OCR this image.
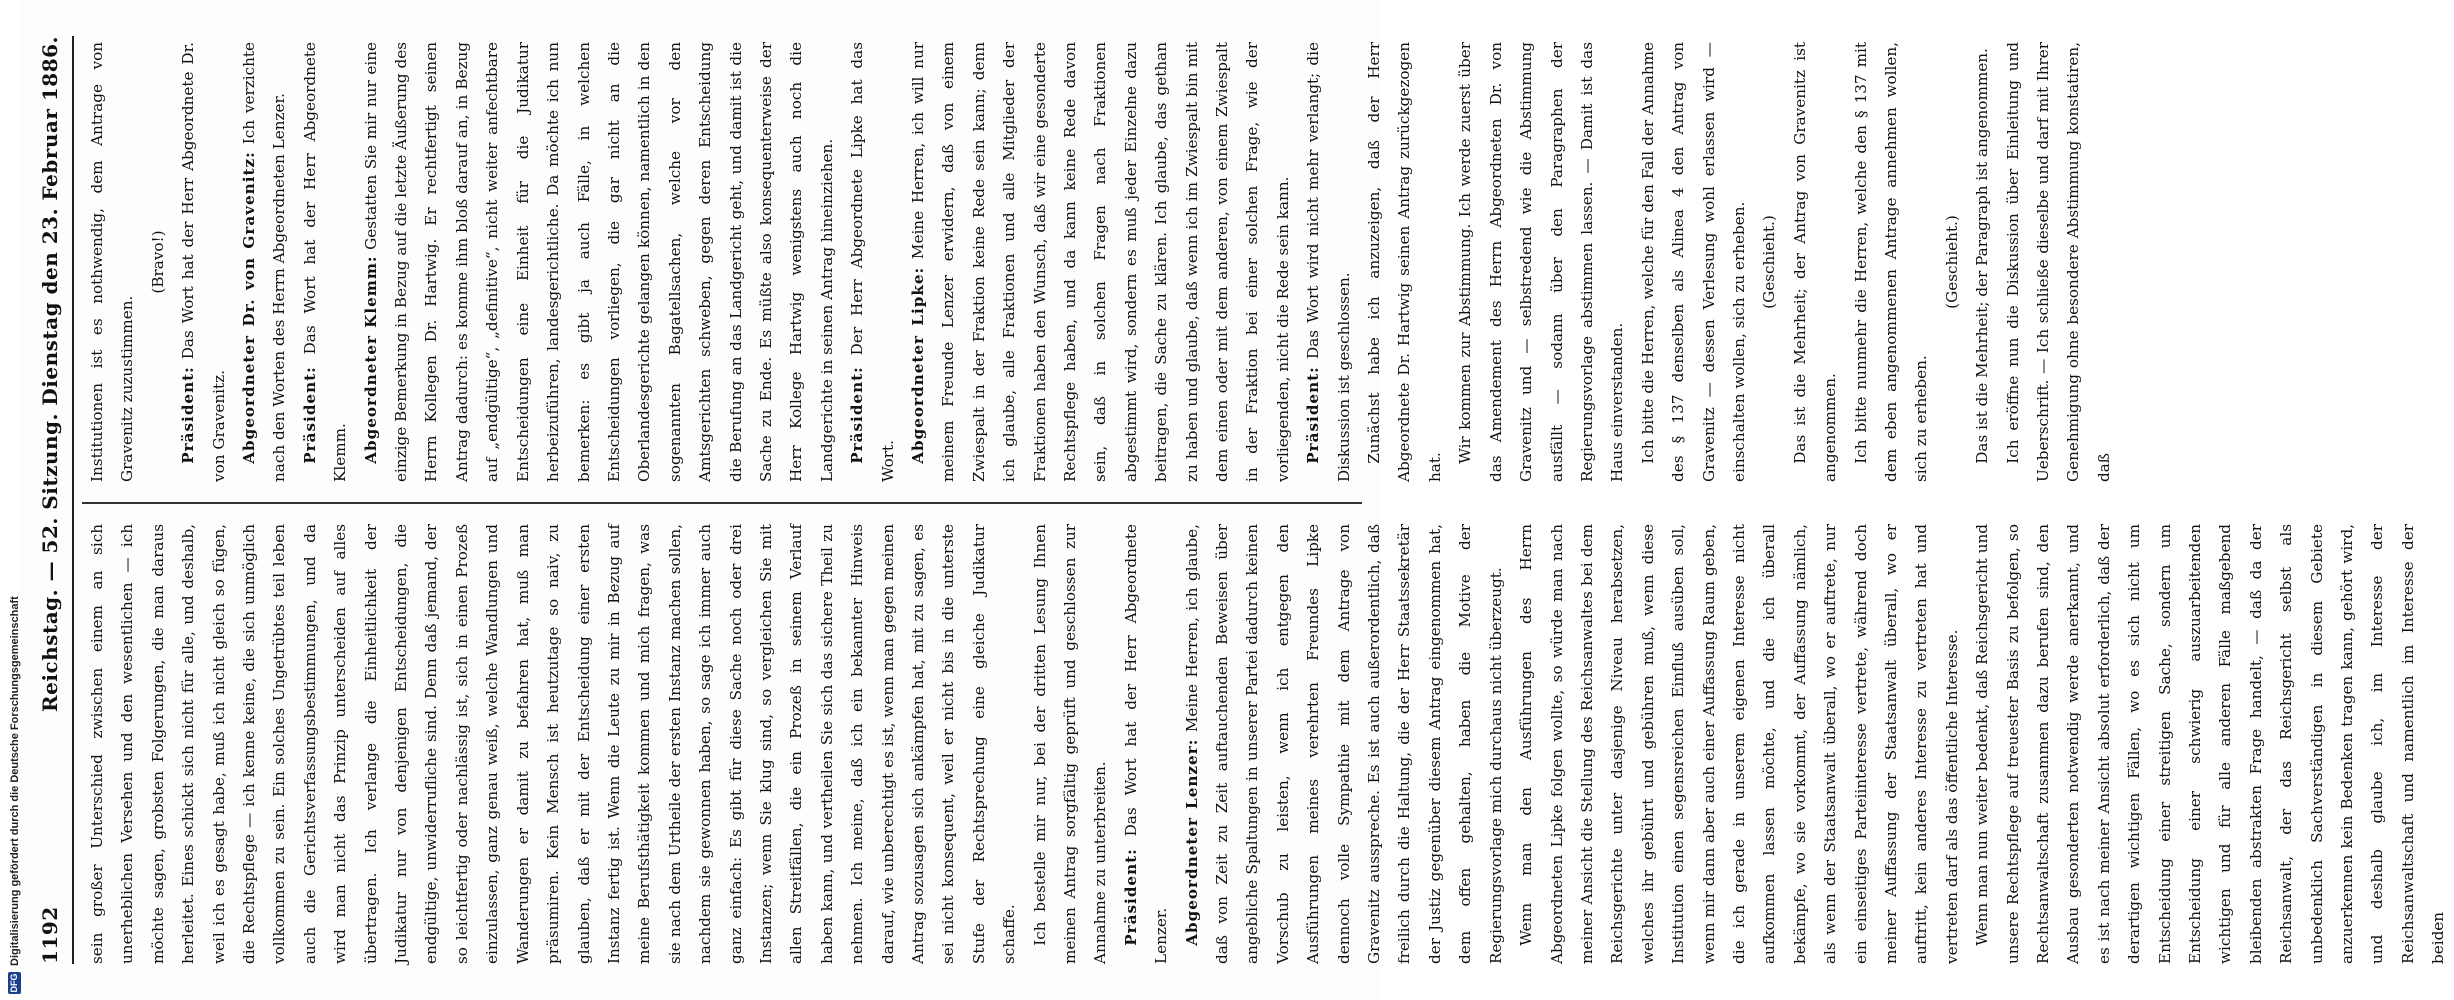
1192
Reichstag. — 52. Sitzung. Dienstag den 23. Februar 1886.

sein großer Unterschied zwischen einem an sich unerheblichen Versehen und den wesentlichen — ich möchte sagen, grobsten Folgerungen, die man daraus herleitet. Eines schickt sich nicht für alle, und deshalb, weil ich es gesagt habe, muß ich nicht gleich so fügen, die Rechtspflege — ich kenne keine, die sich unmöglich vollkommen zu sein. Ein solches Ungetrübtes teil leben auch die Gerichtsverfassungsbestimmungen, und da wird man nicht das Prinzip unterscheiden auf alles übertragen. Ich verlange die Einheitlichkeit der Judikatur nur von denjenigen Entscheidungen, die endgültige, unwiderrufliche sind. Denn daß jemand, der so leichtfertig oder nachlässig ist, sich in einen Prozeß einzulassen, ganz genau weiß, welche Wandlungen und Wanderungen er damit zu befahren hat, muß man präsumiren. Kein Mensch ist heutzutage so naiv, zu glauben, daß er mit der Entscheidung einer ersten Instanz fertig ist. Wenn die Leute zu mir in Bezug auf meine Berufsthätigkeit kommen und mich fragen, was sie nach dem Urtheile der ersten Instanz machen sollen, nachdem sie gewonnen haben, so sage ich immer auch ganz einfach: Es gibt für diese Sache noch oder drei Instanzen; wenn Sie klug sind, so vergleichen Sie mit allen Streitfällen, die ein Prozeß in seinem Verlauf haben kann, und vertheilen Sie sich das sichere Theil zu nehmen. Ich meine, daß ich ein bekannter Hinweis darauf, wie unberechtigt es ist, wenn man gegen meinen Antrag sozusagen sich ankämpfen hat, mit zu sagen, es sei nicht konsequent, weil er nicht bis in die unterste Stufe der Rechtsprechung eine gleiche Judikatur schaffe. Ich bestelle mir nur, bei der dritten Lesung Ihnen meinen Antrag sorgfältig geprüft und geschlossen zur Annahme zu unterbreiten. Präsident: Das Wort hat der Herr Abgeordnete Lenzer. Abgeordneter Lenzer: Meine Herren, ich glaube, daß von Zeit zu Zeit auftauchenden Beweisen über angebliche Spaltungen in unserer Partei dadurch keinen Vorschub zu leisten, wenn ich entgegen den Ausführungen meines verehrten Freundes Lipke dennoch volle Sympathie mit dem Antrage von Gravenitz ausspreche. Es ist auch außerordentlich, daß freilich durch die Haltung, die der Herr Staatssekretär der Justiz gegenüber diesem Antrag eingenommen hat, dem offen gehalten, haben die Motive der Regierungsvorlage mich durchaus nicht überzeugt. Wenn man den Ausführungen des Herrn Abgeordneten Lipke folgen wollte, so würde man nach meiner Ansicht die Stellung des Reichsanwaltes bei dem Reichsgerichte unter dasjenige Niveau herabsetzen, welches ihr gebührt und gebühren muß, wenn diese Institution einen segensreichen Einfluß ausüben soll, wenn mir dann aber auch einer Auffassung Raum geben, die ich gerade in unserem eigenen Interesse nicht aufkommen lassen möchte, und die ich überall bekämpfe, wo sie vorkommt, der Auffassung nämlich, als wenn der Staatsanwalt überall, wo er auftrete, nur ein einseitiges Parteiinteresse vertrete, während doch meiner Auffassung der Staatsanwalt überall, wo er auftritt, kein anderes Interesse zu vertreten hat und vertreten darf als das öffentliche Interesse. Wenn man nun weiter bedenkt, daß Reichsgericht und unsere Rechtspflege auf treuester Basis zu befolgen, so Rechtsanwaltschaft zusammen dazu berufen sind, den Ausbau gesonderten notwendig werde anerkannt, und es ist nach meiner Ansicht absolut erforderlich, daß der derartigen wichtigen Fällen, wo es sich nicht um Entscheidung einer streitigen Sache, sondern um Entscheidung einer schwierig auszuarbeitenden wichtigen und für alle anderen Fälle maßgebend bleibenden abstrakten Frage handelt, — daß da der Reichsanwalt, der das Reichsgericht selbst als unbedenklich Sachverständigen in diesem Gebiete anzuerkennen kein Bedenken tragen kann, gehört wird, und deshalb glaube ich, im Interesse der Reichsanwaltschaft und namentlich im Interesse der beiden

Institutionen ist es nothwendig, dem Antrage von Gravenitz zuzustimmen.

(Bravo!)

Präsident: Das Wort hat der Herr Abgeordnete Dr. von Gravenitz. Abgeordneter Dr. von Gravenitz: Ich verzichte nach den Worten des Herrn Abgeordneten Lenzer. Präsident: Das Wort hat der Herr Abgeordnete Klemm. Abgeordneter Klemm: Gestatten Sie mir nur eine einzige Bemerkung in Bezug auf die letzte Äußerung des Herrn Kollegen Dr. Hartwig. Er rechtfertigt seinen Antrag dadurch: es komme ihm bloß darauf an, in Bezug auf „endgültige“, „definitive“, nicht weiter anfechtbare Entscheidungen eine Einheit für die Judikatur herbeizuführen, landesgerichtliche. Da möchte ich nun bemerken: es gibt ja auch Fälle, in welchen Entscheidungen vorliegen, die gar nicht an die Oberlandesgerichte gelangen können, namentlich in den sogenannten Bagatellsachen, welche vor den Amtsgerichten schweben, gegen deren Entscheidung die Berufung an das Landgericht geht, und damit ist die Sache zu Ende. Es müßte also konsequenterweise der Herr Kollege Hartwig wenigstens auch noch die Landgerichte in seinen Antrag hineinziehen. Präsident: Der Herr Abgeordnete Lipke hat das Wort. Abgeordneter Lipke: Meine Herren, ich will nur meinem Freunde Lenzer erwidern, daß von einem Zwiespalt in der Fraktion keine Rede sein kann; denn ich glaube, alle Fraktionen und alle Mitglieder der Fraktionen haben den Wunsch, daß wir eine gesonderte Rechtspflege haben, und da kann keine Rede davon sein, daß in solchen Fragen nach Fraktionen abgestimmt wird, sondern es muß jeder Einzelne dazu beitragen, die Sache zu klären. Ich glaube, das gethan zu haben und glaube, daß wenn ich im Zwiespalt bin mit dem einen oder mit dem anderen, von einem Zwiespalt in der Fraktion bei einer solchen Frage, wie der vorliegenden, nicht die Rede sein kann. Präsident: Das Wort wird nicht mehr verlangt; die Diskussion ist geschlossen. Zunächst habe ich anzuzeigen, daß der Herr Abgeordnete Dr. Hartwig seinen Antrag zurückgezogen hat.

Wir kommen zur Abstimmung. Ich werde zuerst über das Amendement des Herrn Abgeordneten Dr. von Gravenitz und — selbstredend wie die Abstimmung ausfällt — sodann über den Paragraphen der Regierungsvorlage abstimmen lassen. — Damit ist das Haus einverstanden. Ich bitte die Herren, welche für den Fall der Annahme des § 137 denselben als Alinea 4 den Antrag von Gravenitz — dessen Verlesung wohl erlassen wird — einschalten wollen, sich zu erheben. (Geschieht.) Das ist die Mehrheit; der Antrag von Gravenitz ist angenommen. Ich bitte nunmehr die Herren, welche den § 137 mit dem eben angenommenen Antrage annehmen wollen, sich zu erheben.

(Geschieht.) Das ist die Mehrheit; der Paragraph ist angenommen. Ich eröffne nun die Diskussion über Einleitung und Ueberschrift. — Ich schließe dieselbe und darf mit Ihrer Genehmigung ohne besondere Abstimmung konstatiren, daß

DFG
Digitalisierung gefördert durch die Deutsche Forschungsgemeinschaft
